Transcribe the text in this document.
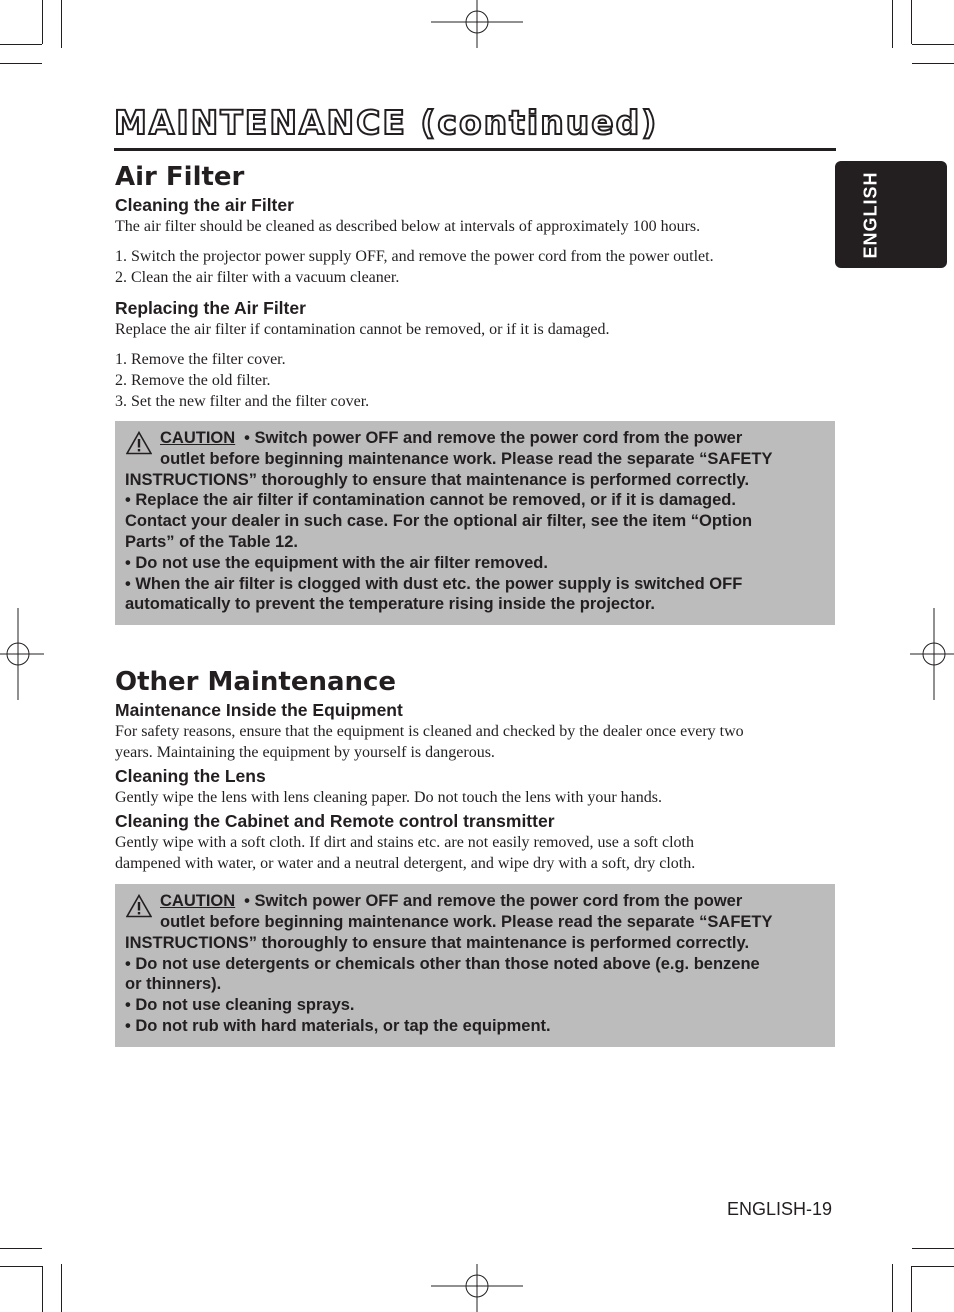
MAINTENANCE (continued)
ENGLISH
Air Filter
Cleaning the air Filter

The air filter should be cleaned as described below at intervals of approximately 100 hours.

1. Switch the projector power supply OFF, and remove the power cord from the power outlet.
2. Clean the air filter with a vacuum cleaner.
Replacing the Air Filter

Replace the air filter if contamination cannot be removed, or if it is damaged.

1. Remove the filter cover.
2. Remove the old filter.
3. Set the new filter and the filter cover.
CAUTION • Switch power OFF and remove the power cord from the power
outlet before beginning maintenance work. Please read the separate “SAFETY
INSTRUCTIONS” thoroughly to ensure that maintenance is performed correctly.
• Replace the air filter if contamination cannot be removed, or if it is damaged.
Contact your dealer in such case. For the optional air filter, see the item “Option
Parts” of the Table 12.
• Do not use the equipment with the air filter removed.
• When the air filter is clogged with dust etc. the power supply is switched OFF
automatically to prevent the temperature rising inside the projector.
Other Maintenance
Maintenance Inside the Equipment

For safety reasons, ensure that the equipment is cleaned and checked by the dealer once every two

years. Maintaining the equipment by yourself is dangerous.

Cleaning the Lens

Gently wipe the lens with lens cleaning paper. Do not touch the lens with your hands.

Cleaning the Cabinet and Remote control transmitter

Gently wipe with a soft cloth. If dirt and stains etc. are not easily removed, use a soft cloth

dampened with water, or water and a neutral detergent, and wipe dry with a soft, dry cloth.

CAUTION • Switch power OFF and remove the power cord from the power
outlet before beginning maintenance work. Please read the separate “SAFETY
INSTRUCTIONS” thoroughly to ensure that maintenance is performed correctly.
• Do not use detergents or chemicals other than those noted above (e.g. benzene
or thinners).
• Do not use cleaning sprays.
• Do not rub with hard materials, or tap the equipment.
ENGLISH-19
